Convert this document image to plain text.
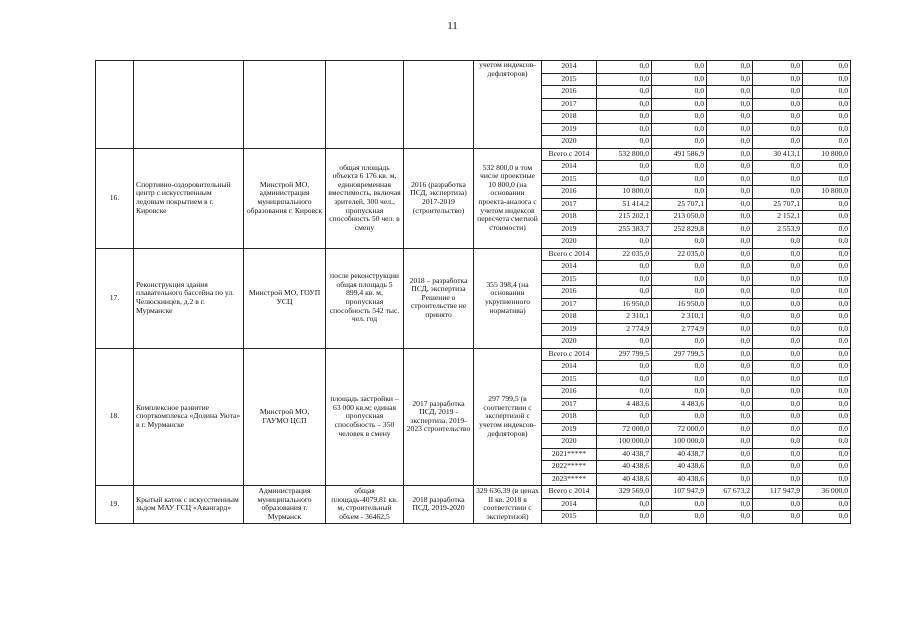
11
					учетом индексов-дефляторов)	2014	0,0	0,0	0,0	0,0	0,0
						2015	0,0	0,0	0,0	0,0	0,0
						2016	0,0	0,0	0,0	0,0	0,0
						2017	0,0	0,0	0,0	0,0	0,0
						2018	0,0	0,0	0,0	0,0	0,0
						2019	0,0	0,0	0,0	0,0	0,0
						2020	0,0	0,0	0,0	0,0	0,0
16.	Спортивно-оздоровительный центр с искусственным ледовым покрытием в г. Кировске	Минстрой МО, администрация муниципального образования г. Кировск	общая площадь объекта 6 176 кв. м, единовременная вместимость, включая зрителей, 300 чел., пропускная способность 50 чел. в смену	2016 (разработка ПСД, экспертиза) 2017-2019 (строительство)	532 800,0 в том числе проектные 10 800,0 (на основании проекта-аналога с учетом индексов пересчета сметной стоимости)	Всего с 2014	532 800,0	491 586,9	0,0	30 413,1	10 800,0
						2014	0,0	0,0	0,0	0,0	0,0
						2015	0,0	0,0	0,0	0,0	0,0
						2016	10 800,0	0,0	0,0	0,0	10 800,0
						2017	51 414,2	25 707,1	0,0	25 707,1	0,0
						2018	215 202,1	213 050,0	0,0	2 152,1	0,0
						2019	255 383,7	252 829,8	0,0	2 553,9	0,0
						2020	0,0	0,0	0,0	0,0	0,0
17.	Реконструкция здания плавательного бассейна по ул. Челюскинцев, д.2 в г. Мурманске	Минстрой МО, ГОУП УСЦ	после реконструкции общая площадь 5 899,4 кв. м, пропускная способность 542 тыс. чел. год	2018 – разработка ПСД, экспертиза Решение о строительстве не принято	355 398,4 (на основании укрупненного норматива)	Всего с 2014	22 035,0	22 035,0	0,0	0,0	0,0
						2014	0,0	0,0	0,0	0,0	0,0
						2015	0,0	0,0	0,0	0,0	0,0
						2016	0,0	0,0	0,0	0,0	0,0
						2017	16 950,0	16 950,0	0,0	0,0	0,0
						2018	2 310,1	2 310,1	0,0	0,0	0,0
						2019	2 774,9	2 774,9	0,0	0,0	0,0
						2020	0,0	0,0	0,0	0,0	0,0
18.	Комплексное развитие спорткомплекса «Долина Уюта» в г. Мурманске	Минстрой МО, ГАУМО ЦСП	площадь застройки – 63 000 кв.м; единая пропускная способность – 350 человек в смену	2017 разработка ПСД, 2019 - экспертиза. 2019-2023 строительство	297 799,5 (в соответствии с экспертизой с учетом индексов-дефляторов)	Всего с 2014	297 799,5	297 799,5	0,0	0,0	0,0
						2014	0,0	0,0	0,0	0,0	0,0
						2015	0,0	0,0	0,0	0,0	0,0
						2016	0,0	0,0	0,0	0,0	0,0
						2017	4 483,6	4 483,6	0,0	0,0	0,0
						2018	0,0	0,0	0,0	0,0	0,0
						2019	72 000,0	72 000,0	0,0	0,0	0,0
						2020	100 000,0	100 000,0	0,0	0,0	0,0
						2021*****	40 438,7	40 438,7	0,0	0,0	0,0
						2022*****	40 438,6	40 438,6	0,0	0,0	0,0
						2023*****	40 438,6	40 438,6	0,0	0,0	0,0
19.	Крытый каток с искусственным льдом МАУ ГСЦ «Авангард»	Администрация муниципального образования г. Мурманск	общая площадь-4079,81 кв. м, строительный объем - 36462,5	2018 разработка ПСД. 2019-2020	329 636,39 (в ценах II кв. 2018 в соответствии с экспертизой)	Всего с 2014	329 569,0	107 947,9	67 673,2	117 947,9	36 000,0
						2014	0,0	0,0	0,0	0,0	0,0
						2015	0,0	0,0	0,0	0,0	0,0
